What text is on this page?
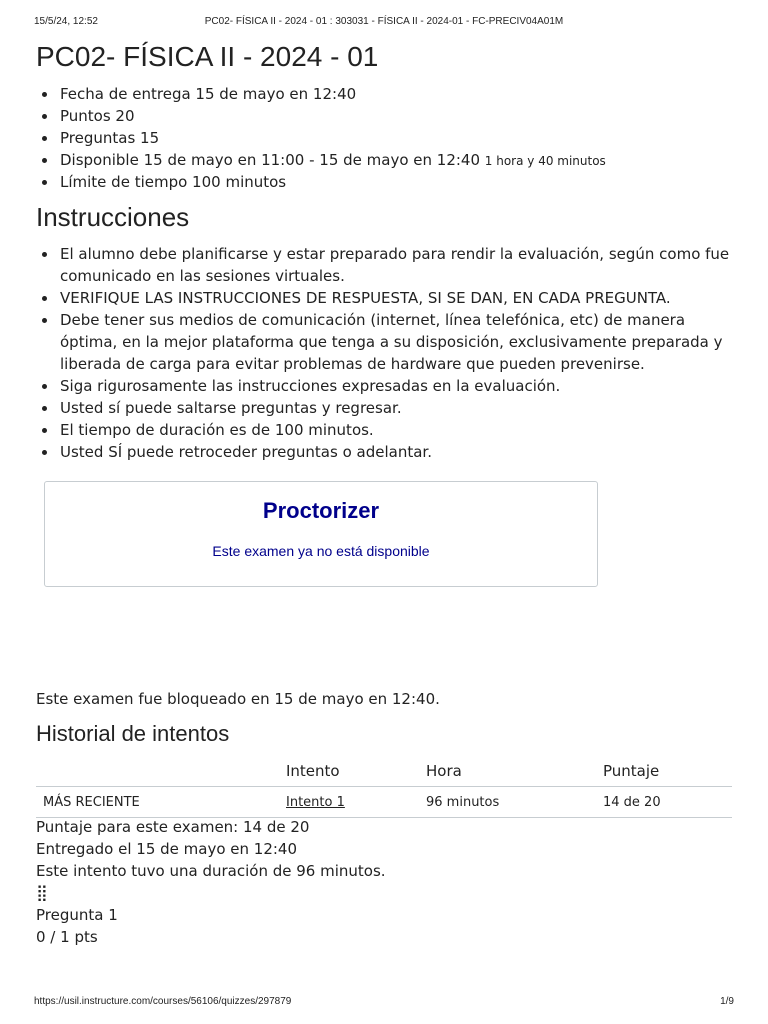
15/5/24, 12:52	PC02- FÍSICA II - 2024 - 01 : 303031 - FÍSICA II - 2024-01 - FC-PRECIV04A01M
PC02- FÍSICA II - 2024 - 01
Fecha de entrega 15 de mayo en 12:40
Puntos 20
Preguntas 15
Disponible 15 de mayo en 11:00 - 15 de mayo en 12:40 1 hora y 40 minutos
Límite de tiempo 100 minutos
Instrucciones
El alumno debe planificarse y estar preparado para rendir la evaluación, según como fue comunicado en las sesiones virtuales.
VERIFIQUE LAS INSTRUCCIONES DE RESPUESTA, SI SE DAN, EN CADA PREGUNTA.
Debe tener sus medios de comunicación (internet, línea telefónica, etc) de manera óptima, en la mejor plataforma que tenga a su disposición, exclusivamente preparada y liberada de carga para evitar problemas de hardware que pueden prevenirse.
Siga rigurosamente las instrucciones expresadas en la evaluación.
Usted sí puede saltarse preguntas y regresar.
El tiempo de duración es de 100 minutos.
Usted SÍ puede retroceder preguntas o adelantar.
Proctorizer
Este examen ya no está disponible
Este examen fue bloqueado en 15 de mayo en 12:40.
Historial de intentos
	Intento	Hora	Puntaje
MÁS RECIENTE	Intento 1	96 minutos	14 de 20
Puntaje para este examen: 14 de 20
Entregado el 15 de mayo en 12:40
Este intento tuvo una duración de 96 minutos.
⣿
Pregunta 1
0 / 1 pts
https://usil.instructure.com/courses/56106/quizzes/297879	1/9
